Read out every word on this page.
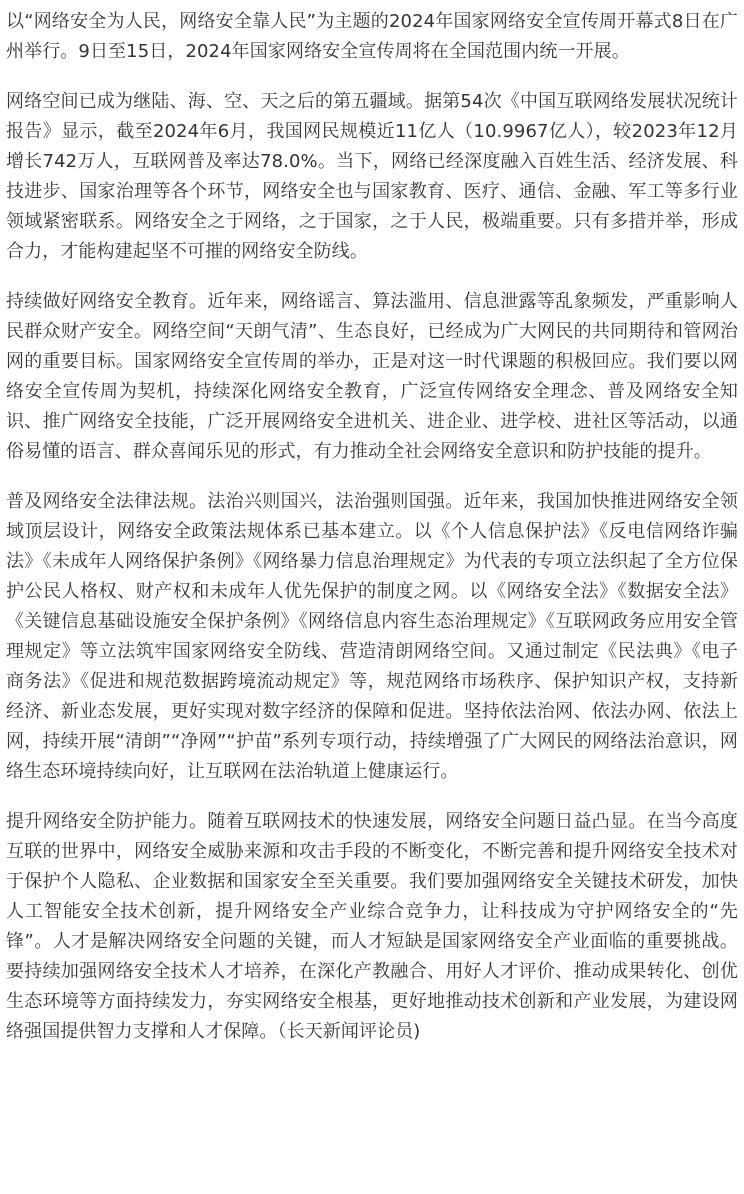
以“网络安全为人民，网络安全靠人民”为主题的2024年国家网络安全宣传周开幕式8日在广州举行。9日至15日，2024年国家网络安全宣传周将在全国范围内统一开展。

网络空间已成为继陆、海、空、天之后的第五疆域。据第54次《中国互联网络发展状况统计报告》显示，截至2024年6月，我国网民规模近11亿人（10.9967亿人），较2023年12月增长742万人，互联网普及率达78.0%。当下，网络已经深度融入百姓生活、经济发展、科技进步、国家治理等各个环节，网络安全也与国家教育、医疗、通信、金融、军工等多行业领域紧密联系。网络安全之于网络，之于国家，之于人民，极端重要。只有多措并举，形成合力，才能构建起坚不可摧的网络安全防线。

持续做好网络安全教育。近年来，网络谣言、算法滥用、信息泄露等乱象频发，严重影响人民群众财产安全。网络空间“天朗气清”、生态良好，已经成为广大网民的共同期待和管网治网的重要目标。国家网络安全宣传周的举办，正是对这一时代课题的积极回应。我们要以网络安全宣传周为契机，持续深化网络安全教育，广泛宣传网络安全理念、普及网络安全知识、推广网络安全技能，广泛开展网络安全进机关、进企业、进学校、进社区等活动，以通俗易懂的语言、群众喜闻乐见的形式，有力推动全社会网络安全意识和防护技能的提升。

普及网络安全法律法规。法治兴则国兴，法治强则国强。近年来，我国加快推进网络安全领域顶层设计，网络安全政策法规体系已基本建立。以《个人信息保护法》《反电信网络诈骗法》《未成年人网络保护条例》《网络暴力信息治理规定》为代表的专项立法织起了全方位保护公民人格权、财产权和未成年人优先保护的制度之网。以《网络安全法》《数据安全法》《关键信息基础设施安全保护条例》《网络信息内容生态治理规定》《互联网政务应用安全管理规定》等立法筑牢国家网络安全防线、营造清朗网络空间。又通过制定《民法典》《电子商务法》《促进和规范数据跨境流动规定》等，规范网络市场秩序、保护知识产权，支持新经济、新业态发展，更好实现对数字经济的保障和促进。坚持依法治网、依法办网、依法上网，持续开展“清朗”“净网”“护苗”系列专项行动，持续增强了广大网民的网络法治意识，网络生态环境持续向好，让互联网在法治轨道上健康运行。

提升网络安全防护能力。随着互联网技术的快速发展，网络安全问题日益凸显。在当今高度互联的世界中，网络安全威胁来源和攻击手段的不断变化，不断完善和提升网络安全技术对于保护个人隐私、企业数据和国家安全至关重要。我们要加强网络安全关键技术研发，加快人工智能安全技术创新，提升网络安全产业综合竞争力，让科技成为守护网络安全的“先锋”。人才是解决网络安全问题的关键，而人才短缺是国家网络安全产业面临的重要挑战。要持续加强网络安全技术人才培养，在深化产教融合、用好人才评价、推动成果转化、创优生态环境等方面持续发力，夯实网络安全根基，更好地推动技术创新和产业发展，为建设网络强国提供智力支撑和人才保障。（长天新闻评论员)
